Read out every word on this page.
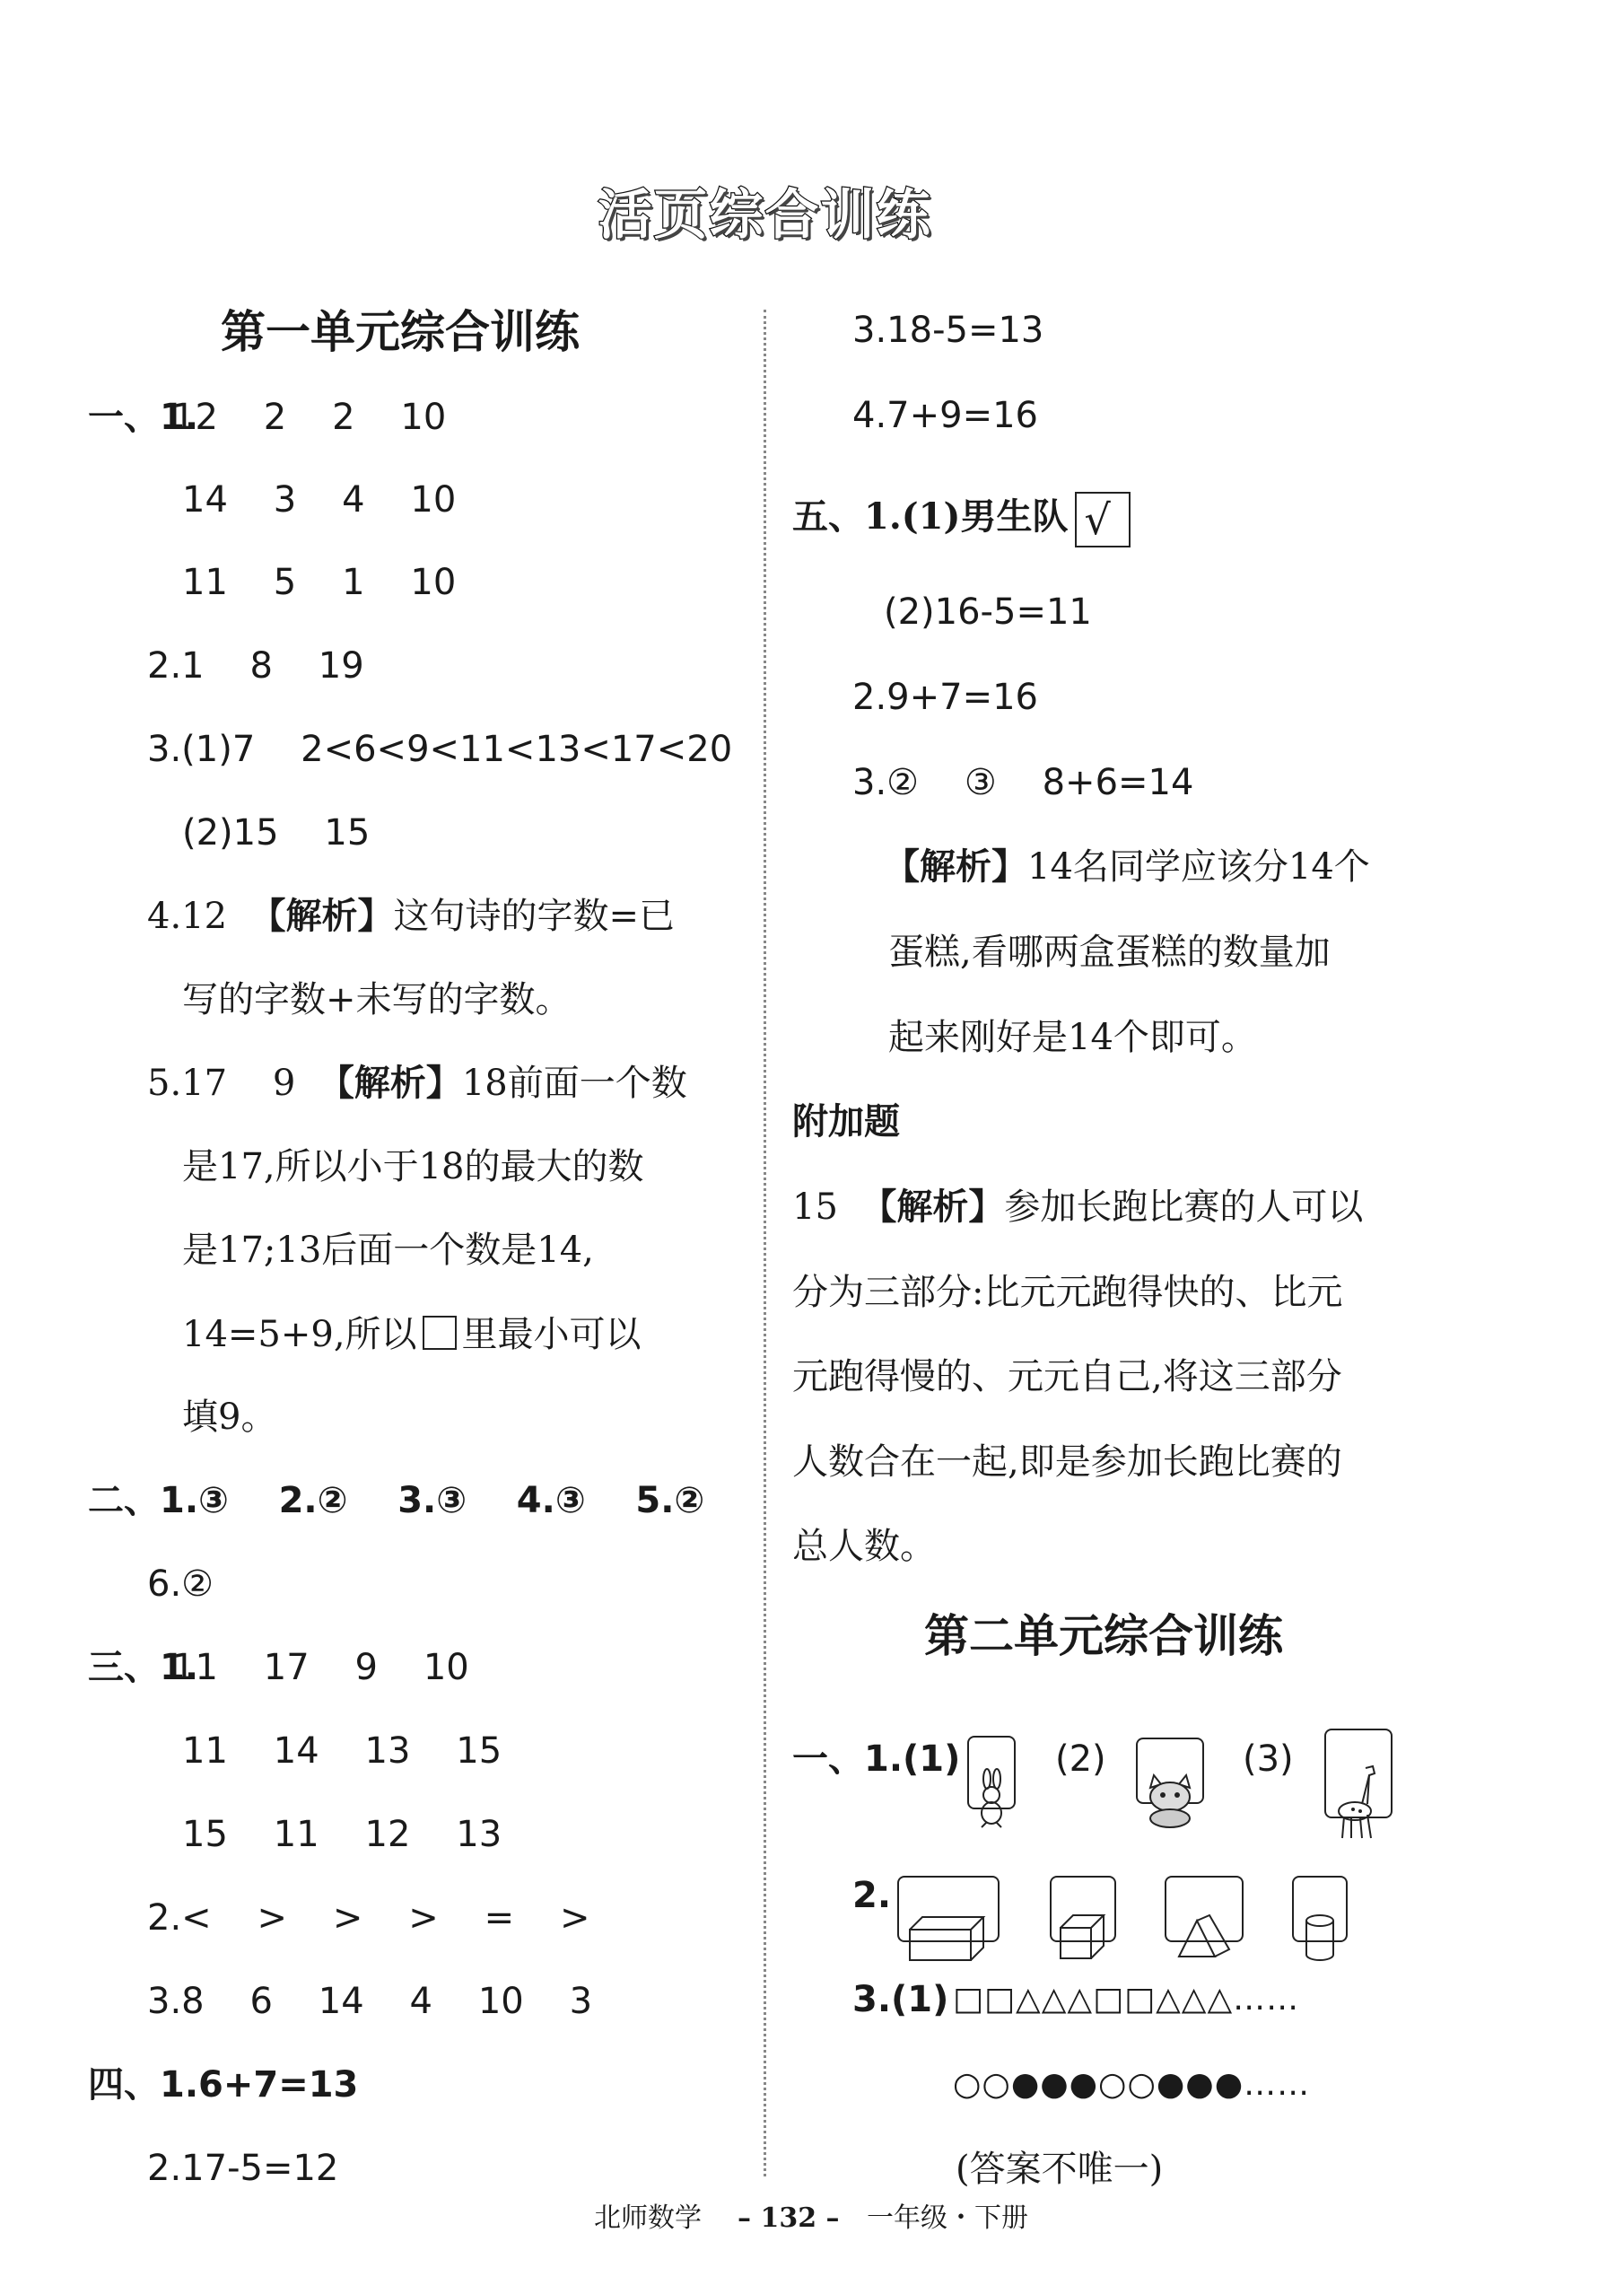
活页综合训练
第一单元综合训练
一、1.
12    2    2    10
14    3    4    10
11    5    1    10
2.1    8    19
3.(1)7    2<6<9<11<13<17<20
(2)15    15
4.12  【解析】这句诗的字数=已
写的字数+未写的字数。
5.17    9  【解析】18前面一个数
是17,所以小于18的最大的数
是17;13后面一个数是14,
14=5+9,所以 里最小可以
填9。
二、1.③    2.②    3.③    4.③    5.②
6.②
三、1.
11    17    9    10
11    14    13    15
15    11    12    13
2.<    >    >    >    =    >
3.8    6    14    4    10    3
四、1.6+7=13
2.17-5=12
3.18-5=13
4.7+9=16
五、1.(1)男生队 √
(2)16-5=11
2.9+7=16
3.②    ③    8+6=14
【解析】14名同学应该分14个
蛋糕,看哪两盒蛋糕的数量加
起来刚好是14个即可。
附加题
15  【解析】参加长跑比赛的人可以
分为三部分:比元元跑得快的、比元
元跑得慢的、元元自己,将这三部分
人数合在一起,即是参加长跑比赛的
总人数。
第二单元综合训练
一、1.(1)

	(2)

	(3)

2.

3.(1) □□△△△□□△△△……
○○●●●○○●●●……
(答案不唯一)
北师数学 – 132 – 一年级・下册
